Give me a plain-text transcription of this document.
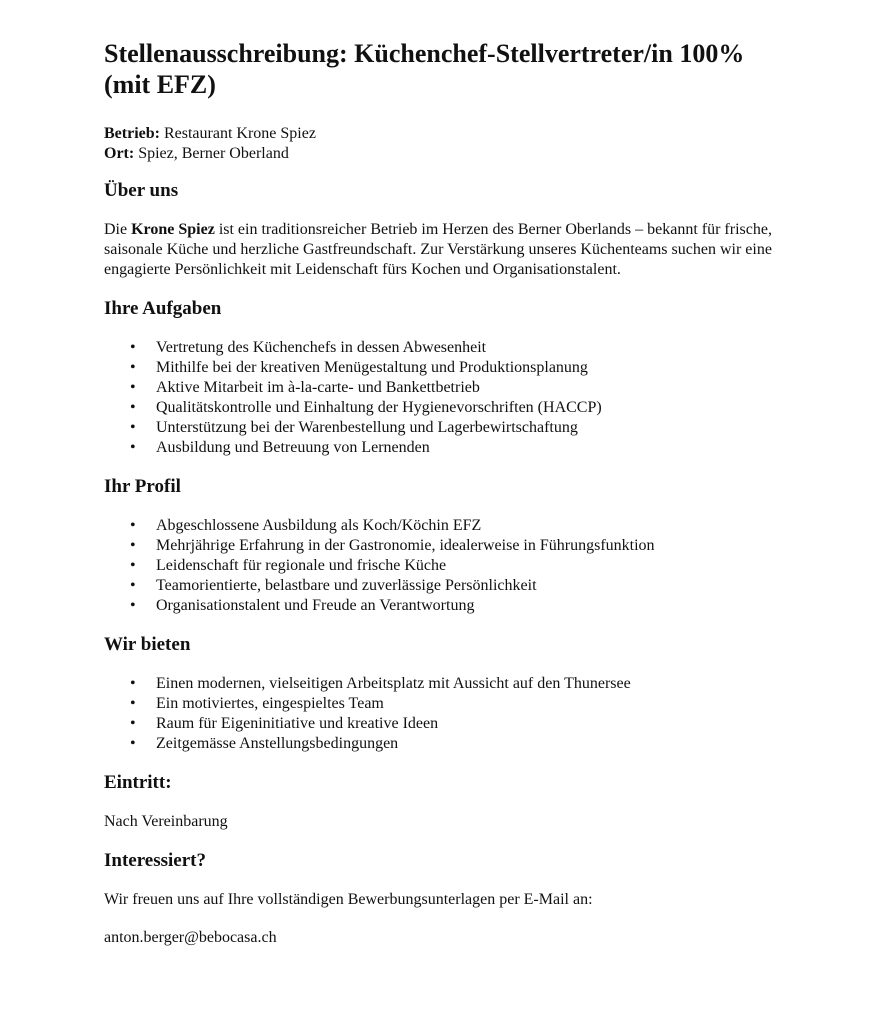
Stellenausschreibung: Küchenchef-Stellvertreter/in 100% (mit EFZ)
Betrieb: Restaurant Krone Spiez
Ort: Spiez, Berner Oberland
Über uns

Die Krone Spiez ist ein traditionsreicher Betrieb im Herzen des Berner Oberlands – bekannt für frische, saisonale Küche und herzliche Gastfreundschaft. Zur Verstärkung unseres Küchenteams suchen wir eine engagierte Persönlichkeit mit Leidenschaft fürs Kochen und Organisationstalent.

Ihre Aufgaben
• Vertretung des Küchenchefs in dessen Abwesenheit
• Mithilfe bei der kreativen Menügestaltung und Produktionsplanung
• Aktive Mitarbeit im à-la-carte- und Bankettbetrieb
• Qualitätskontrolle und Einhaltung der Hygienevorschriften (HACCP)
• Unterstützung bei der Warenbestellung und Lagerbewirtschaftung
• Ausbildung und Betreuung von Lernenden
Ihr Profil
• Abgeschlossene Ausbildung als Koch/Köchin EFZ
• Mehrjährige Erfahrung in der Gastronomie, idealerweise in Führungsfunktion
• Leidenschaft für regionale und frische Küche
• Teamorientierte, belastbare und zuverlässige Persönlichkeit
• Organisationstalent und Freude an Verantwortung
Wir bieten
• Einen modernen, vielseitigen Arbeitsplatz mit Aussicht auf den Thunersee
• Ein motiviertes, eingespieltes Team
• Raum für Eigeninitiative und kreative Ideen
• Zeitgemässe Anstellungsbedingungen
Eintritt:

Nach Vereinbarung

Interessiert?

Wir freuen uns auf Ihre vollständigen Bewerbungsunterlagen per E-Mail an:

anton.berger@bebocasa.ch
